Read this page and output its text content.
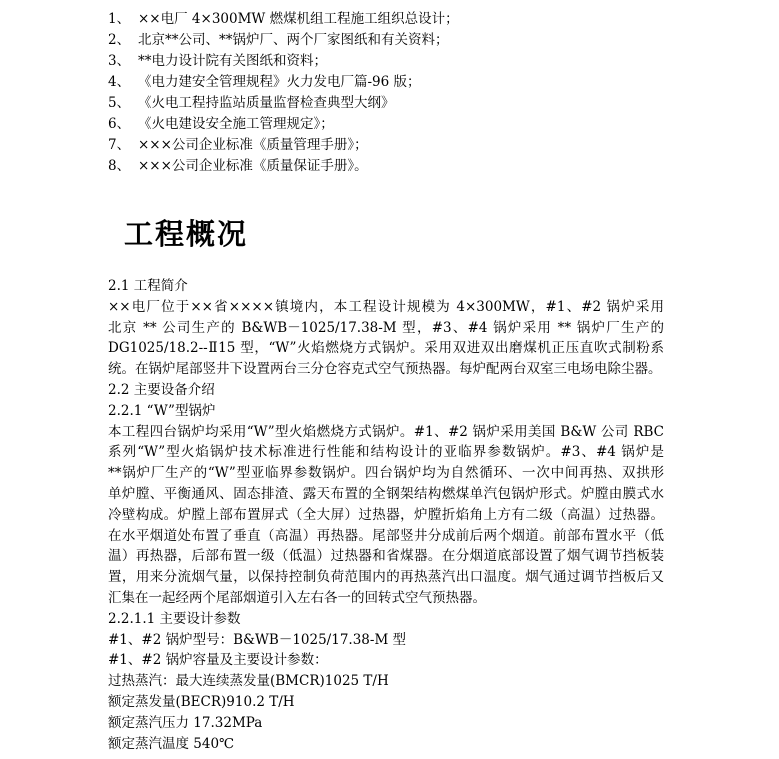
1、 ××电厂 4×300MW 燃煤机组工程施工组织总设计；
2、 北京**公司、**锅炉厂、两个厂家图纸和有关资料；
3、 **电力设计院有关图纸和资料；
4、 《电力建安全管理规程》火力发电厂篇-96 版；
5、 《火电工程持监站质量监督检查典型大纲》
6、 《火电建设安全施工管理规定》；
7、 ×××公司企业标准《质量管理手册》；
8、 ×××公司企业标准《质量保证手册》。
工程概况
2.1 工程简介
××电厂位于××省××××镇境内，本工程设计规模为 4×300MW，#1、#2 锅炉采用
北京 ** 公司生产的 B&WB－1025/17.38-M 型，#3、#4 锅炉采用 ** 锅炉厂生产的
DG1025/18.2--Ⅱ15 型，“W”火焰燃烧方式锅炉。采用双进双出磨煤机正压直吹式制粉系
统。在锅炉尾部竖井下设置两台三分仓容克式空气预热器。每炉配两台双室三电场电除尘器。
2.2 主要设备介绍
2.2.1 “W”型锅炉
本工程四台锅炉均采用“W”型火焰燃烧方式锅炉。#1、#2 锅炉采用美国 B&W 公司 RBC
系列“W”型火焰锅炉技术标准进行性能和结构设计的亚临界参数锅炉。#3、#4 锅炉是
**锅炉厂生产的“W”型亚临界参数锅炉。四台锅炉均为自然循环、一次中间再热、双拱形
单炉膛、平衡通风、固态排渣、露天布置的全钢架结构燃煤单汽包锅炉形式。炉膛由膜式水
冷壁构成。炉膛上部布置屏式（全大屏）过热器，炉膛折焰角上方有二级（高温）过热器。
在水平烟道处布置了垂直（高温）再热器。尾部竖井分成前后两个烟道。前部布置水平（低
温）再热器，后部布置一级（低温）过热器和省煤器。在分烟道底部设置了烟气调节挡板装
置，用来分流烟气量，以保持控制负荷范围内的再热蒸汽出口温度。烟气通过调节挡板后又
汇集在一起经两个尾部烟道引入左右各一的回转式空气预热器。
2.2.1.1 主要设计参数
#1、#2 锅炉型号：B&WB－1025/17.38-M 型
#1、#2 锅炉容量及主要设计参数：
过热蒸汽：最大连续蒸发量(BMCR)1025 T/H
额定蒸发量(BECR)910.2 T/H
额定蒸汽压力 17.32MPa
额定蒸汽温度 540℃
